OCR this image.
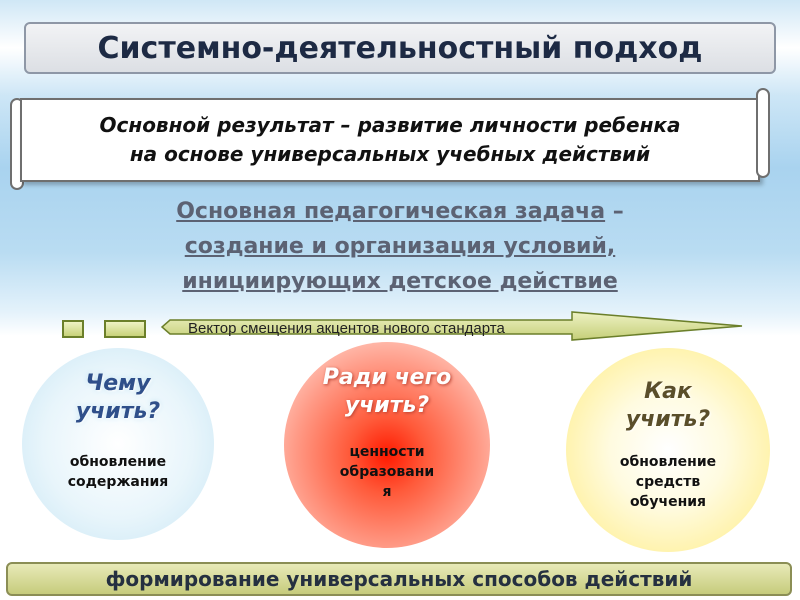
Системно-деятельностный подход
Основной результат – развитие личности ребенка
на основе универсальных учебных действий
Основная педагогическая задача –
создание и организация условий,
инициирующих детское действие
Вектор смещения акцентов нового стандарта
Чему
учить?
обновление
содержания
Ради чего
учить?
ценности
образовани
я
Как
учить?
обновление
средств
обучения
формирование универсальных способов действий
